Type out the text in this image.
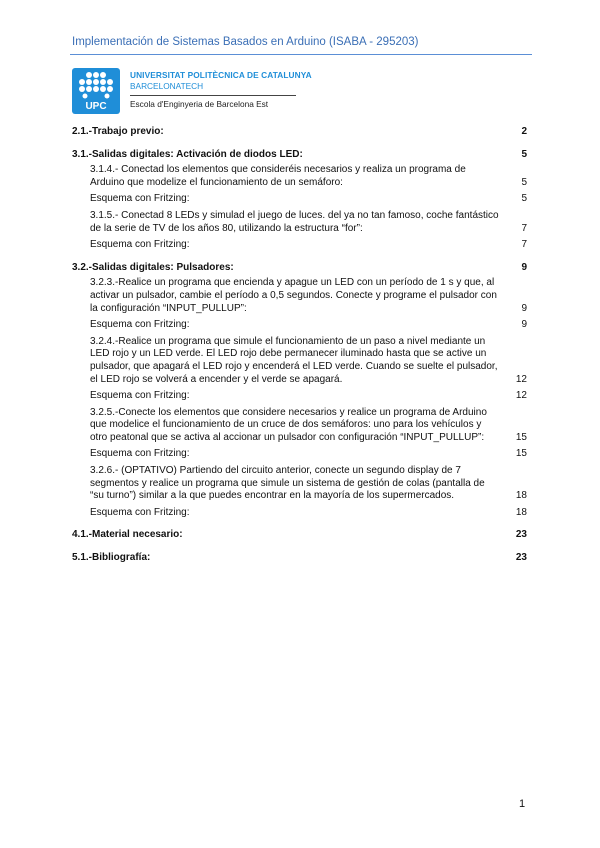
Implementación de Sistemas Basados en Arduino (ISABA - 295203)
UPC
UNIVERSITAT POLITÈCNICA DE CATALUNYA
BARCELONATECH
Escola d'Enginyeria de Barcelona Est
2.1.-Trabajo previo:	2
3.1.-Salidas digitales: Activación de diodos LED:	5
3.1.4.- Conectad los elementos que consideréis necesarios y realiza un programa de Arduino que modelize el funcionamiento de un semáforo:	5
Esquema con Fritzing:	5
3.1.5.- Conectad 8 LEDs y simulad el juego de luces. del ya no tan famoso, coche fantástico de la serie de TV de los años 80, utilizando la estructura “for”:	7
Esquema con Fritzing:	7
3.2.-Salidas digitales: Pulsadores:	9
3.2.3.-Realice un programa que encienda y apague un LED con un período de 1 s y que, al activar un pulsador, cambie el período a 0,5 segundos. Conecte y programe el pulsador con la configuración “INPUT_PULLUP”:	9
Esquema con Fritzing:	9
3.2.4.-Realice un programa que simule el funcionamiento de un paso a nivel mediante un LED rojo y un LED verde. El LED rojo debe permanecer iluminado hasta que se active un pulsador, que apagará el LED rojo y encenderá el LED verde. Cuando se suelte el pulsador, el LED rojo se volverá a encender y el verde se apagará.	12
Esquema con Fritzing:	12
3.2.5.-Conecte los elementos que considere necesarios y realice un programa de Arduino que modelice el funcionamiento de un cruce de dos semáforos: uno para los vehículos y otro peatonal que se activa al accionar un pulsador con configuración “INPUT_PULLUP”:	15
Esquema con Fritzing:	15
3.2.6.- (OPTATIVO) Partiendo del circuito anterior, conecte un segundo display de 7 segmentos y realice un programa que simule un sistema de gestión de colas (pantalla de “su turno”) similar a la que puedes encontrar en la mayoría de los supermercados.	18
Esquema con Fritzing:	18
4.1.-Material necesario:	23
5.1.-Bibliografía:	23
1
